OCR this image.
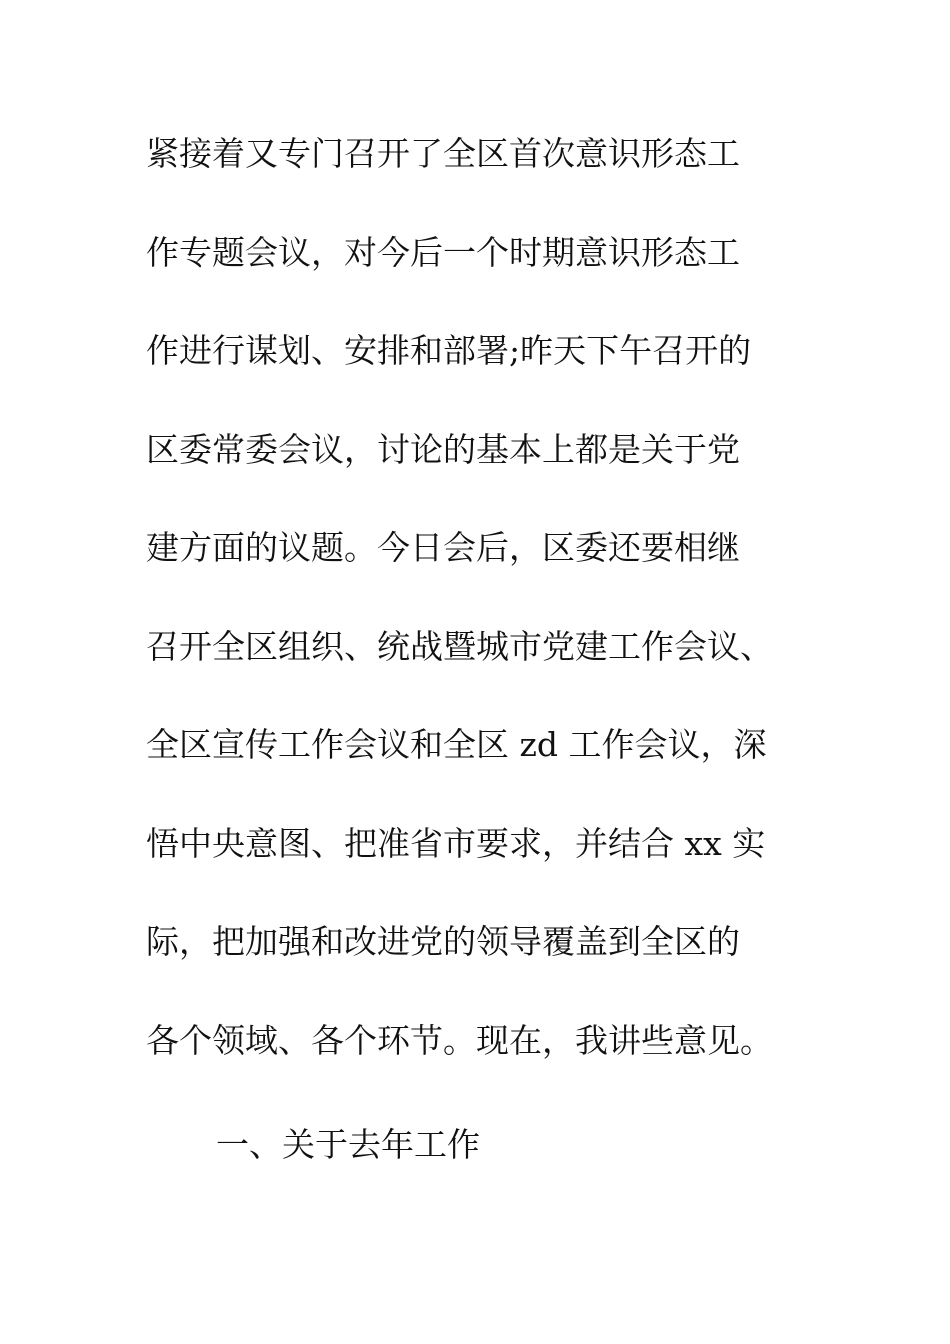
紧接着又专门召开了全区首次意识形态工
作专题会议，对今后一个时期意识形态工
作进行谋划、安排和部署;昨天下午召开的
区委常委会议，讨论的基本上都是关于党
建方面的议题。今日会后，区委还要相继
召开全区组织、统战暨城市党建工作会议、
全区宣传工作会议和全区 zd 工作会议，深
悟中央意图、把准省市要求，并结合 xx 实
际，把加强和改进党的领导覆盖到全区的
各个领域、各个环节。现在，我讲些意见。
一、关于去年工作
